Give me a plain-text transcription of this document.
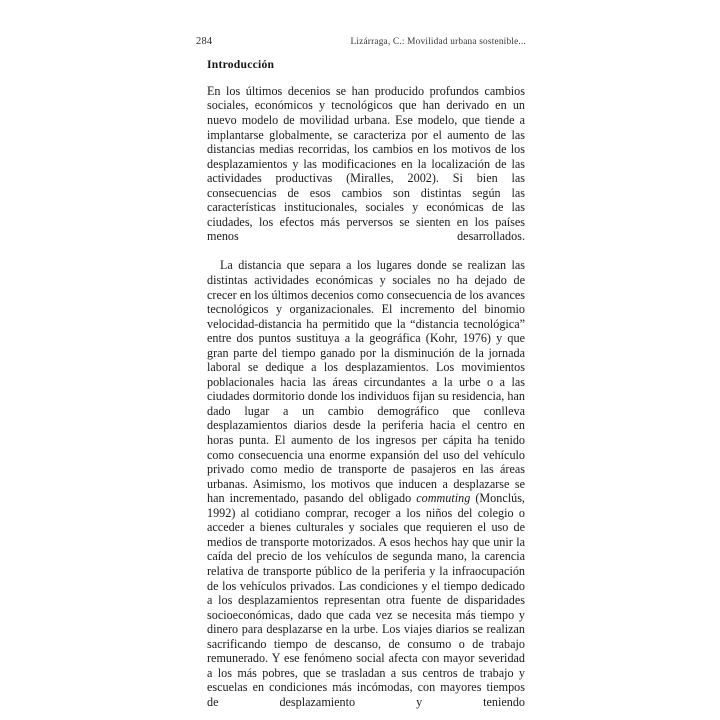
284	Lizárraga, C.: Movilidad urbana sostenible...
Introducción

En los últimos decenios se han producido profundos cambios sociales, económicos y tecnológicos que han derivado en un nuevo modelo de movilidad urbana. Ese modelo, que tiende a implantarse globalmente, se caracteriza por el aumento de las distancias medias recorridas, los cambios en los motivos de los desplazamientos y las modificaciones en la localización de las actividades productivas (Miralles, 2002). Si bien las consecuencias de esos cambios son distintas según las características institucionales, sociales y económicas de las ciudades, los efectos más perversos se sienten en los países menos desarrollados.

La distancia que separa a los lugares donde se realizan las distintas actividades económicas y sociales no ha dejado de crecer en los últimos decenios como consecuencia de los avances tecnológicos y organizacionales. El incremento del binomio velocidad-distancia ha permitido que la “distancia tecnológica” entre dos puntos sustituya a la geográfica (Kohr, 1976) y que gran parte del tiempo ganado por la disminución de la jornada laboral se dedique a los desplazamientos. Los movimientos poblacionales hacia las áreas circundantes a la urbe o a las ciudades dormitorio donde los individuos fijan su residencia, han dado lugar a un cambio demográfico que conlleva desplazamientos diarios desde la periferia hacia el centro en horas punta. El aumento de los ingresos per cápita ha tenido como consecuencia una enorme expansión del uso del vehículo privado como medio de transporte de pasajeros en las áreas urbanas. Asimismo, los motivos que inducen a desplazarse se han incrementado, pasando del obligado commuting (Monclús, 1992) al cotidiano comprar, recoger a los niños del colegio o acceder a bienes culturales y sociales que requieren el uso de medios de transporte motorizados. A esos hechos hay que unir la caída del precio de los vehículos de segunda mano, la carencia relativa de transporte público de la periferia y la infraocupación de los vehículos privados. Las condiciones y el tiempo dedicado a los desplazamientos representan otra fuente de disparidades socioeconómicas, dado que cada vez se necesita más tiempo y dinero para desplazarse en la urbe. Los viajes diarios se realizan sacrificando tiempo de descanso, de consumo o de trabajo remunerado. Y ese fenómeno social afecta con mayor severidad a los más pobres, que se trasladan a sus centros de trabajo y escuelas en condiciones más incómodas, con mayores tiempos de desplazamiento y teniendo
